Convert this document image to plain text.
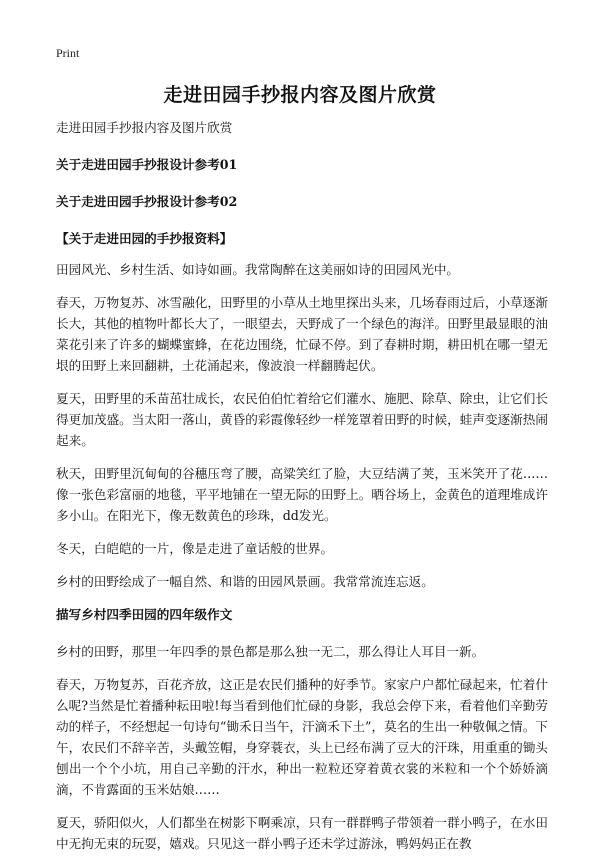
Print
走进田园手抄报内容及图片欣赏

走进田园手抄报内容及图片欣赏

关于走进田园手抄报设计参考01
关于走进田园手抄报设计参考02
【关于走进田园的手抄报资料】

田园风光、乡村生活、如诗如画。我常陶醉在这美丽如诗的田园风光中。

春天，万物复苏、冰雪融化，田野里的小草从土地里探出头来，几场春雨过后，小草逐渐长大，其他的植物叶都长大了，一眼望去，天野成了一个绿色的海洋。田野里最显眼的油菜花引来了许多的蝴蝶蜜蜂，在花边围绕，忙碌不停。到了春耕时期，耕田机在哪一望无垠的田野上来回翻耕，土花涌起来，像波浪一样翻腾起伏。

夏天，田野里的禾苗茁壮成长，农民伯伯忙着给它们灌水、施肥、除草、除虫，让它们长得更加茂盛。当太阳一落山，黄昏的彩霞像轻纱一样笼罩着田野的时候，蛙声变逐渐热闹起来。

秋天，田野里沉甸甸的谷穗压弯了腰，高粱笑红了脸，大豆结满了荚，玉米笑开了花……像一张色彩富丽的地毯，平平地铺在一望无际的田野上。晒谷场上，金黄色的道理堆成许多小山。在阳光下，像无数黄色的珍珠，dd发光。

冬天，白皑皑的一片，像是走进了童话般的世界。

乡村的田野绘成了一幅自然、和谐的田园风景画。我常常流连忘返。

描写乡村四季田园的四年级作文

乡村的田野，那里一年四季的景色都是那么独一无二，那么得让人耳目一新。

春天，万物复苏，百花齐放，这正是农民们播种的好季节。家家户户都忙碌起来，忙着什么呢?当然是忙着播种耘田啦!每当看到他们忙碌的身影，我总会停下来，看着他们辛勤劳动的样子，不经想起一句诗句“锄禾日当午，汗滴禾下土”，莫名的生出一种敬佩之情。下午，农民们不辞辛苦，头戴笠帽，身穿蓑衣，头上已经布满了豆大的汗珠，用重重的锄头刨出一个个小坑，用自己辛勤的汗水，种出一粒粒还穿着黄衣裳的米粒和一个个娇娇滴滴，不肯露面的玉米姑娘……

夏天，骄阳似火，人们都坐在树影下啊乘凉，只有一群群鸭子带领着一群小鸭子，在水田中无拘无束的玩耍，嬉戏。只见这一群小鸭子还未学过游泳，鸭妈妈正在教
